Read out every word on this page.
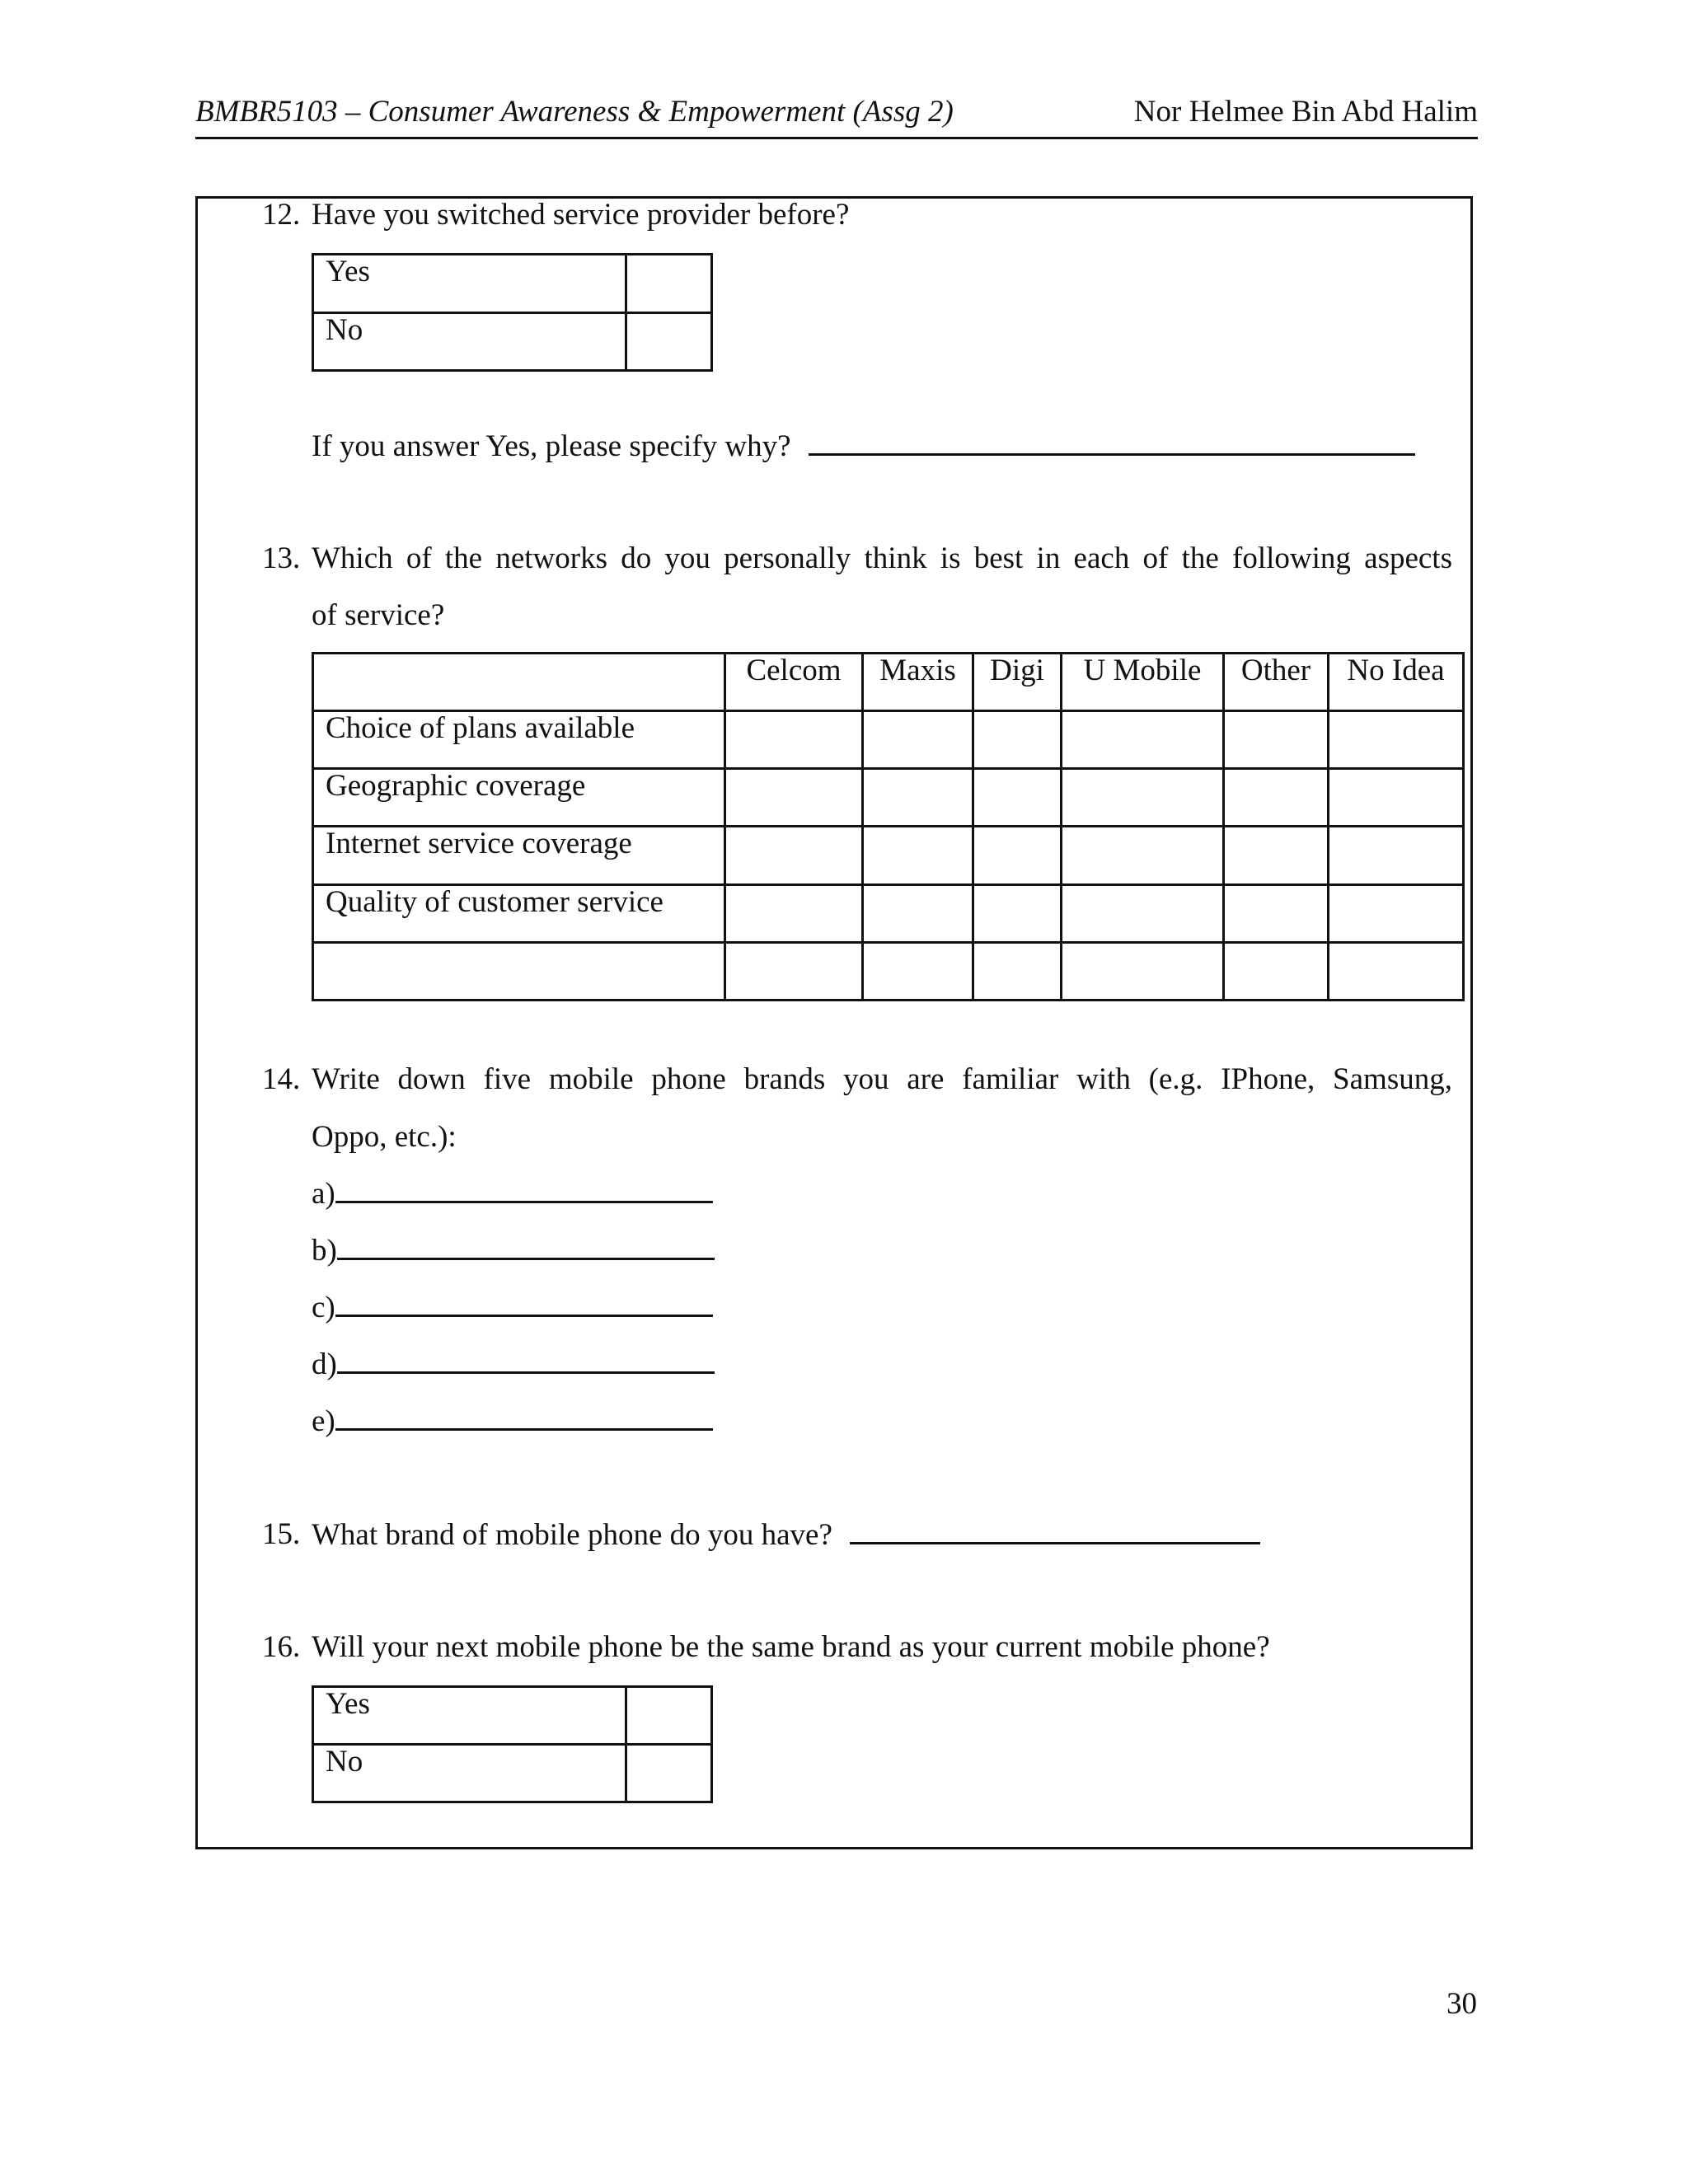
BMBR5103 – Consumer Awareness & Empowerment (Assg 2)	Nor Helmee Bin Abd Halim
12. Have you switched service provider before?
Yes	
No	
If you answer Yes, please specify why?
13. Which of the networks do you personally think is best in each of the following aspects
of service?
	Celcom	Maxis	Digi	U Mobile	Other	No Idea
Choice of plans available						
Geographic coverage						
Internet service coverage						
Quality of customer service						

14. Write down five mobile phone brands you are familiar with (e.g. IPhone, Samsung,
Oppo, etc.):
a)
b)
c)
d)
e)
15. What brand of mobile phone do you have?
16. Will your next mobile phone be the same brand as your current mobile phone?
Yes	
No	
30
